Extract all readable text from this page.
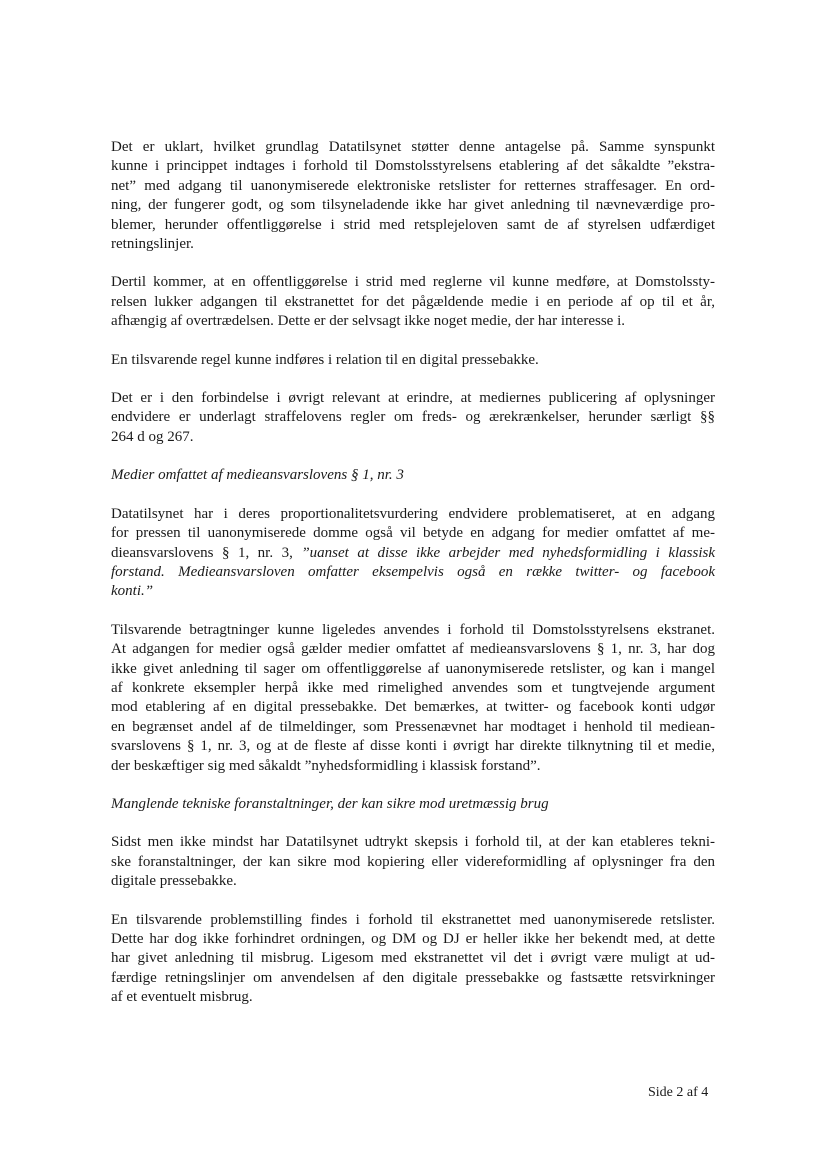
Det er uklart, hvilket grundlag Datatilsynet støtter denne antagelse på. Samme synspunkt
kunne i princippet indtages i forhold til Domstolsstyrelsens etablering af det såkaldte ”ekstra-
net” med adgang til uanonymiserede elektroniske retslister for retternes straffesager. En ord-
ning, der fungerer godt, og som tilsyneladende ikke har givet anledning til nævneværdige pro-
blemer, herunder offentliggørelse i strid med retsplejeloven samt de af styrelsen udfærdiget
retningslinjer.
Dertil kommer, at en offentliggørelse i strid med reglerne vil kunne medføre, at Domstolssty-
relsen lukker adgangen til ekstranettet for det pågældende medie i en periode af op til et år,
afhængig af overtrædelsen. Dette er der selvsagt ikke noget medie, der har interesse i.
En tilsvarende regel kunne indføres i relation til en digital pressebakke.
Det er i den forbindelse i øvrigt relevant at erindre, at mediernes publicering af oplysninger
endvidere er underlagt straffelovens regler om freds- og ærekrænkelser, herunder særligt §§
264 d og 267.
Medier omfattet af medieansvarslovens § 1, nr. 3
Datatilsynet har i deres proportionalitetsvurdering endvidere problematiseret, at en adgang
for pressen til uanonymiserede domme også vil betyde en adgang for medier omfattet af me-
dieansvarslovens § 1, nr. 3, ”uanset at disse ikke arbejder med nyhedsformidling i klassisk
forstand. Medieansvarsloven omfatter eksempelvis også en række twitter- og facebook
konti.”
Tilsvarende betragtninger kunne ligeledes anvendes i forhold til Domstolsstyrelsens ekstranet.
At adgangen for medier også gælder medier omfattet af medieansvarslovens § 1, nr. 3, har dog
ikke givet anledning til sager om offentliggørelse af uanonymiserede retslister, og kan i mangel
af konkrete eksempler herpå ikke med rimelighed anvendes som et tungtvejende argument
mod etablering af en digital pressebakke. Det bemærkes, at twitter- og facebook konti udgør
en begrænset andel af de tilmeldinger, som Pressenævnet har modtaget i henhold til mediean-
svarslovens § 1, nr. 3, og at de fleste af disse konti i øvrigt har direkte tilknytning til et medie,
der beskæftiger sig med såkaldt ”nyhedsformidling i klassisk forstand”.
Manglende tekniske foranstaltninger, der kan sikre mod uretmæssig brug
Sidst men ikke mindst har Datatilsynet udtrykt skepsis i forhold til, at der kan etableres tekni-
ske foranstaltninger, der kan sikre mod kopiering eller videreformidling af oplysninger fra den
digitale pressebakke.
En tilsvarende problemstilling findes i forhold til ekstranettet med uanonymiserede retslister.
Dette har dog ikke forhindret ordningen, og DM og DJ er heller ikke her bekendt med, at dette
har givet anledning til misbrug. Ligesom med ekstranettet vil det i øvrigt være muligt at ud-
færdige retningslinjer om anvendelsen af den digitale pressebakke og fastsætte retsvirkninger
af et eventuelt misbrug.
Side 2 af 4
